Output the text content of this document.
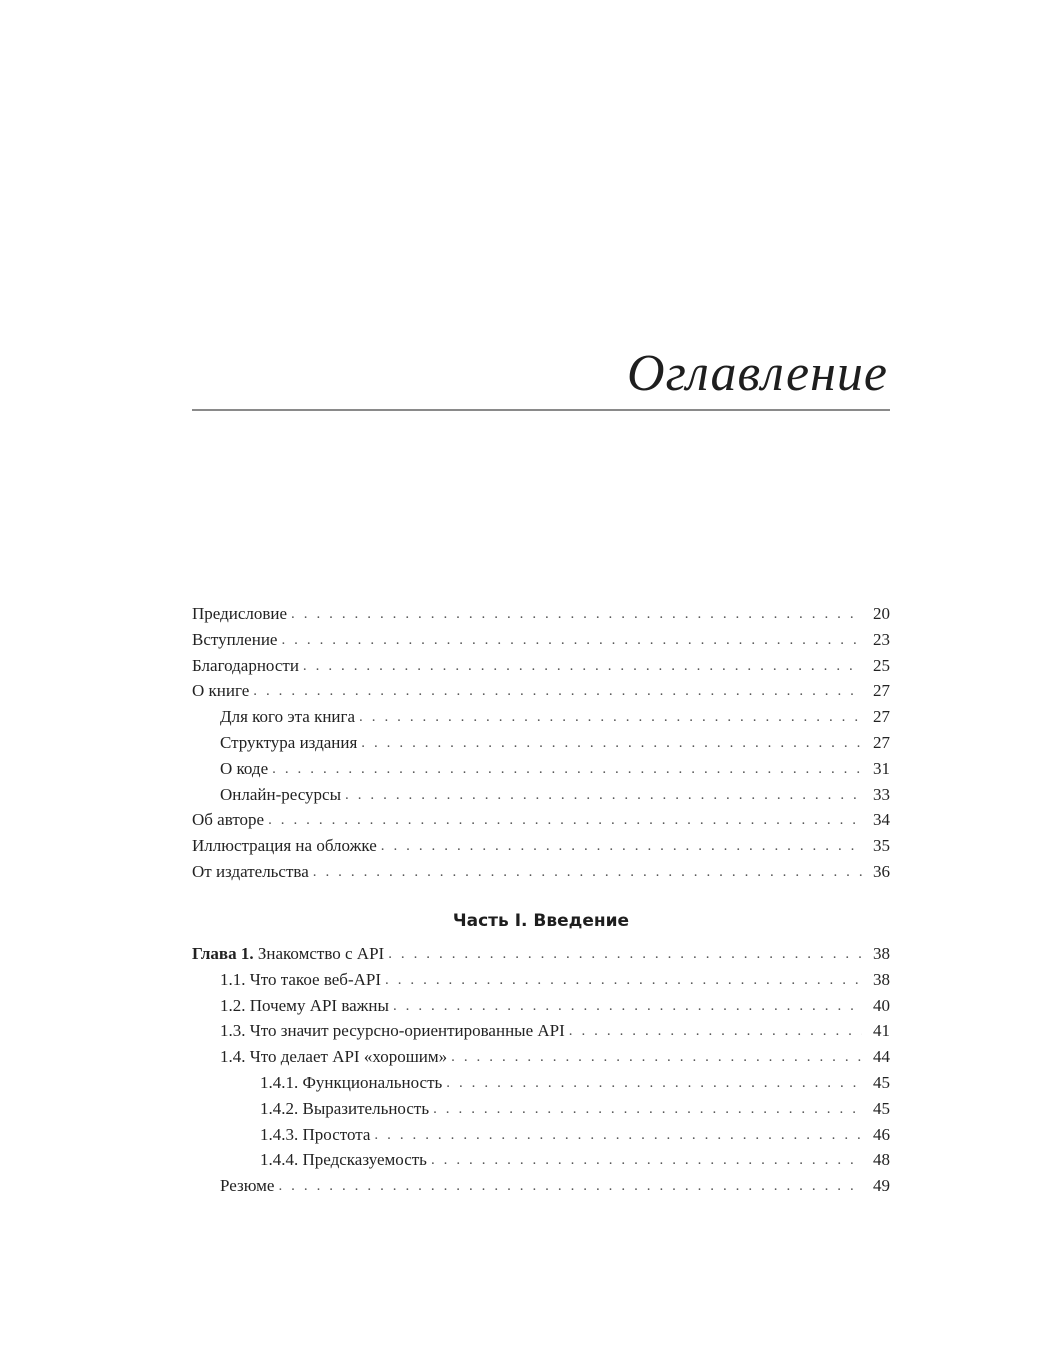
Оглавление
Предисловие . . .	20
Вступление . . .	23
Благодарности . . .	25
О книге . . .	27
Для кого эта книга . . .	27
Структура издания . . .	27
О коде . . .	31
Онлайн-ресурсы . . .	33
Об авторе . . .	34
Иллюстрация на обложке . . .	35
От издательства . . .	36
Часть I. Введение
Глава 1. Знакомство с API . . .	38
1.1. Что такое веб-API . . .	38
1.2. Почему API важны . . .	40
1.3. Что значит ресурсно-ориентированные API . . .	41
1.4. Что делает API «хорошим» . . .	44
1.4.1. Функциональность . . .	45
1.4.2. Выразительность . . .	45
1.4.3. Простота . . .	46
1.4.4. Предсказуемость . . .	48
Резюме . . .	49
